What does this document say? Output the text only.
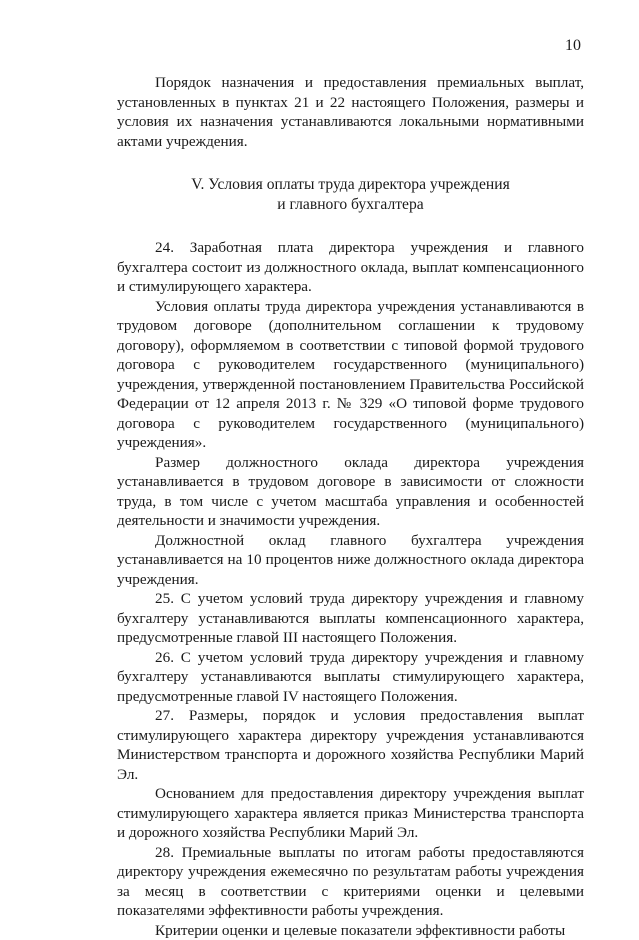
10

Порядок назначения и предоставления премиальных выплат, установленных в пунктах 21 и 22 настоящего Положения, размеры и условия их назначения устанавливаются локальными нормативными актами учреждения.

V. Условия оплаты труда директора учреждения
и главного бухгалтера

24. Заработная плата директора учреждения и главного бухгалтера состоит из должностного оклада, выплат компенсационного и стимулирующего характера.

Условия оплаты труда директора учреждения устанавливаются в трудовом договоре (дополнительном соглашении к трудовому договору), оформляемом в соответствии с типовой формой трудового договора с руководителем государственного (муниципального) учреждения, утвержденной постановлением Правительства Российской Федерации от 12 апреля 2013 г. № 329 «О типовой форме трудового договора с руководителем государственного (муниципального) учреждения».

Размер должностного оклада директора учреждения устанавливается в трудовом договоре в зависимости от сложности труда, в том числе с учетом масштаба управления и особенностей деятельности и значимости учреждения.

Должностной оклад главного бухгалтера учреждения устанавливается на 10 процентов ниже должностного оклада директора учреждения.

25. С учетом условий труда директору учреждения и главному бухгалтеру устанавливаются выплаты компенсационного характера, предусмотренные главой III настоящего Положения.

26. С учетом условий труда директору учреждения и главному бухгалтеру устанавливаются выплаты стимулирующего характера, предусмотренные главой IV настоящего Положения.

27. Размеры, порядок и условия предоставления выплат стимулирующего характера директору учреждения устанавливаются Министерством транспорта и дорожного хозяйства Республики Марий Эл.

Основанием для предоставления директору учреждения выплат стимулирующего характера является приказ Министерства транспорта и дорожного хозяйства Республики Марий Эл.

28. Премиальные выплаты по итогам работы предоставляются директору учреждения ежемесячно по результатам работы учреждения за месяц в соответствии с критериями оценки и целевыми показателями эффективности работы учреждения.

Критерии оценки и целевые показатели эффективности работы
